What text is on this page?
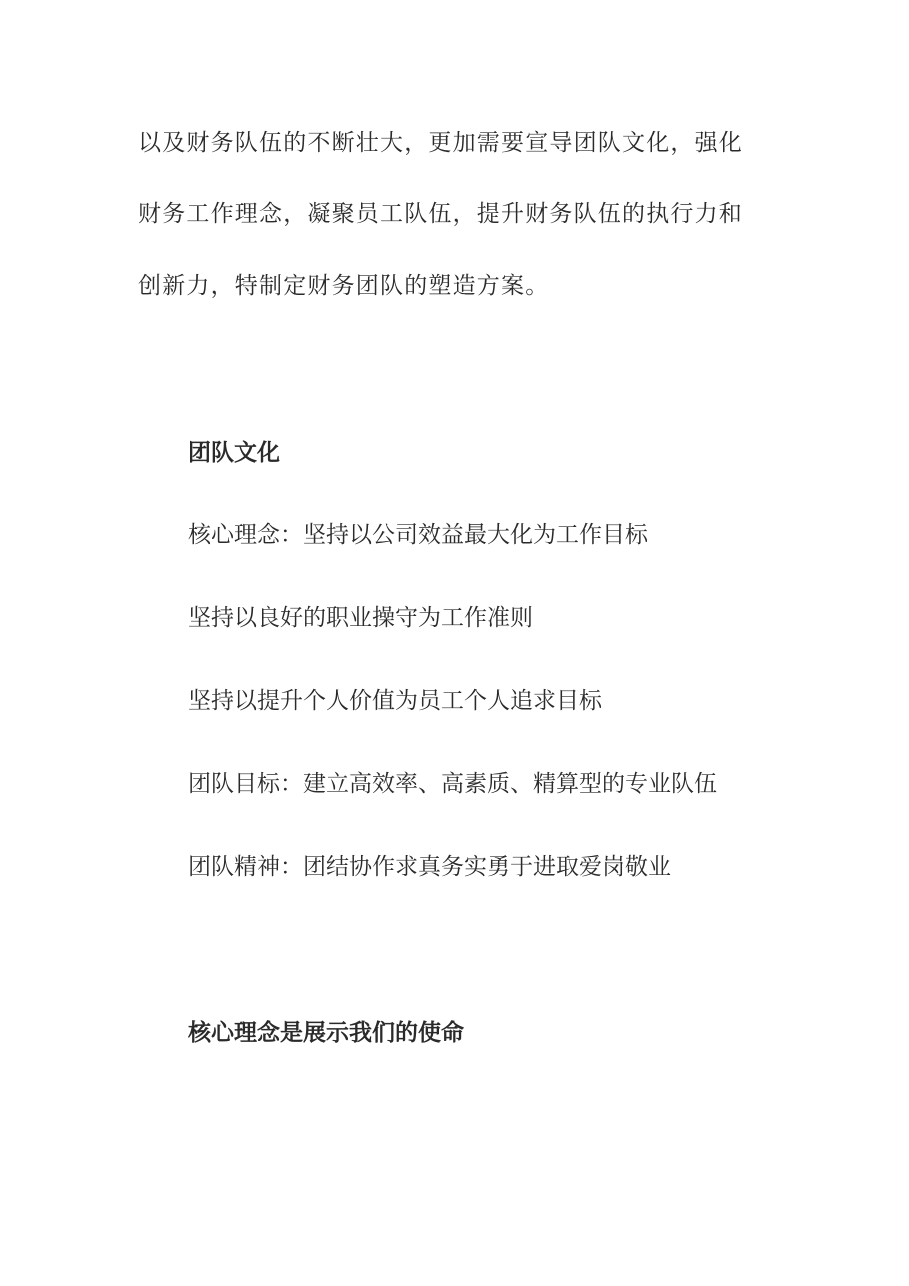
以及财务队伍的不断壮大，更加需要宣导团队文化，强化
财务工作理念，凝聚员工队伍，提升财务队伍的执行力和
创新力，特制定财务团队的塑造方案。
团队文化
核心理念：坚持以公司效益最大化为工作目标
坚持以良好的职业操守为工作准则
坚持以提升个人价值为员工个人追求目标
团队目标：建立高效率、高素质、精算型的专业队伍
团队精神：团结协作求真务实勇于进取爱岗敬业
核心理念是展示我们的使命
